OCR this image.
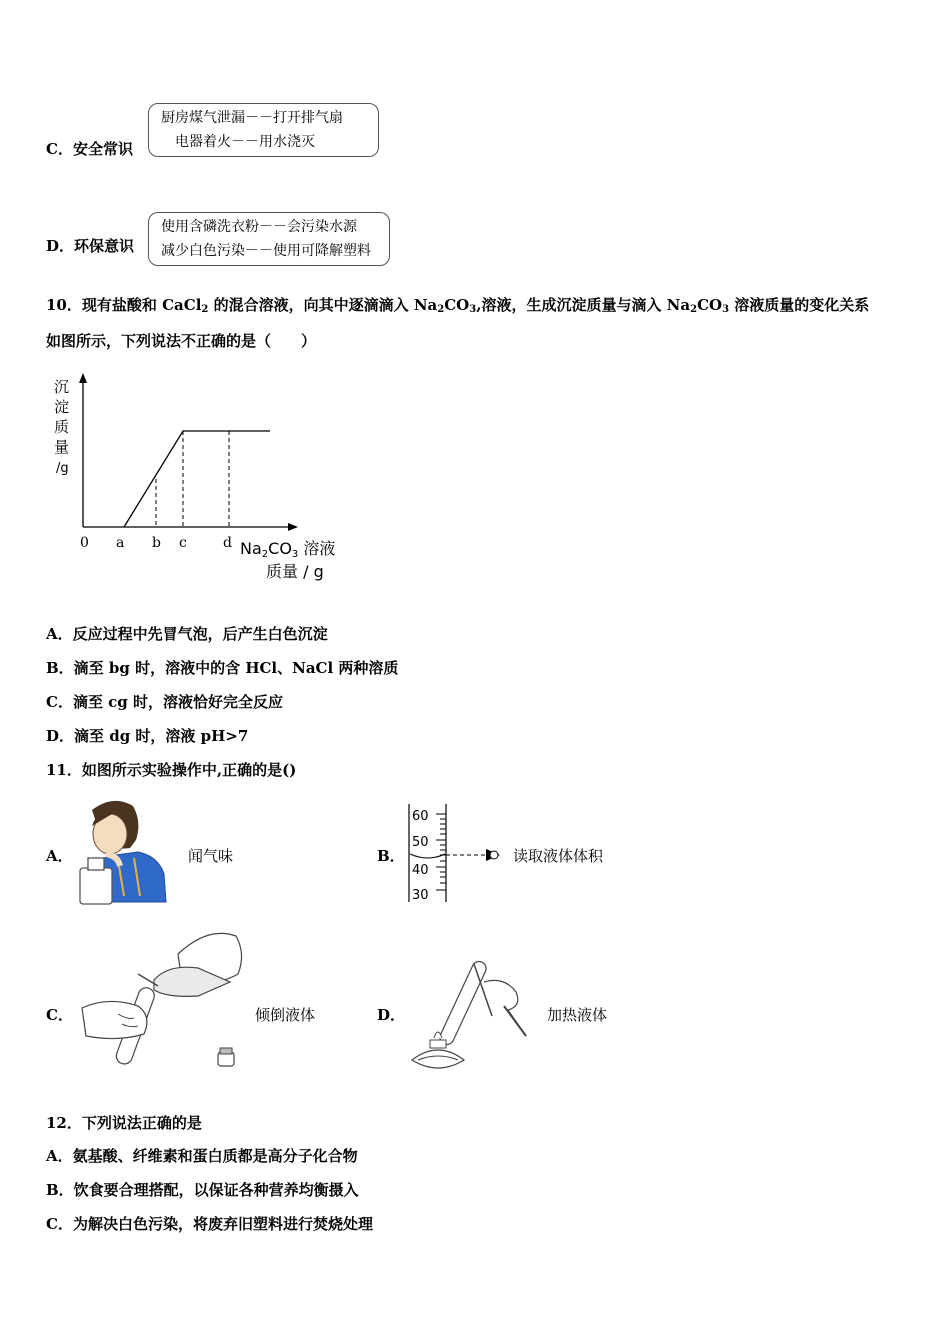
C．安全常识
厨房煤气泄漏－－打开排气扇
电器着火－－用水浇灭
D．环保意识
使用含磷洗衣粉－－会污染水源
减少白色污染－－使用可降解塑料
10．现有盐酸和 CaCl$_2$ 的混合溶液，向其中逐滴滴入 $Na_2CO_3$,溶液，生成沉淀质量与滴入 $Na_2CO_3$ 溶液质量的变化关系
如图所示，下列说法不正确的是（　　）
沉
淀
质
量
/g
0 a b c	d Na2CO3 溶液
质量 / g
A．反应过程中先冒气泡，后产生白色沉淀
B．滴至 bg 时，溶液中的含 HCl、NaCl 两种溶质
C．滴至 cg 时，溶液恰好完全反应
D．滴至 dg 时，溶液 pH>7
11．如图所示实验操作中,正确的是()
A．	闻气味	B．
60
50
40
30
读取液体体积
C．	倾倒液体	D．	加热液体
12．下列说法正确的是
A．氨基酸、纤维素和蛋白质都是高分子化合物
B．饮食要合理搭配，以保证各种营养均衡摄入
C．为解决白色污染，将废弃旧塑料进行焚烧处理
